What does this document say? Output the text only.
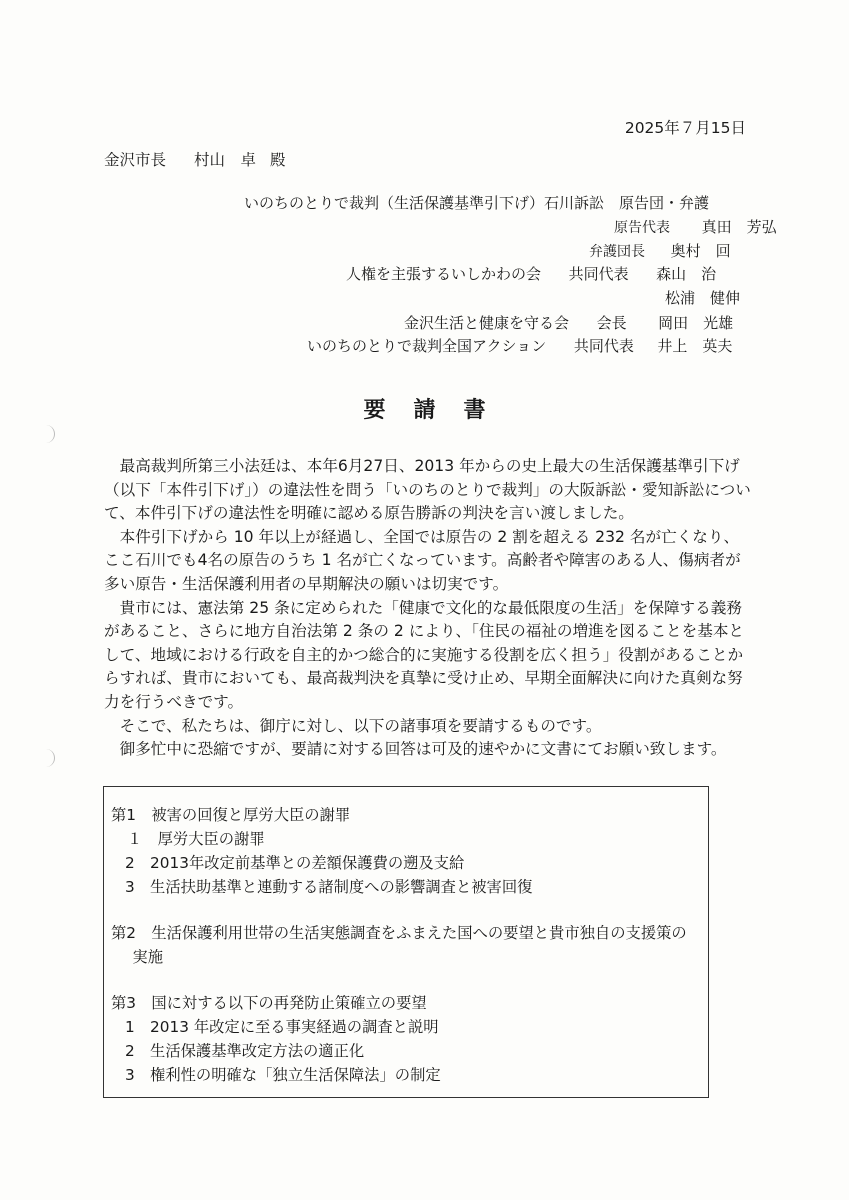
2025年７月15日
金沢市長 村山　卓 殿
いのちのとりで裁判（生活保護基準引下げ）石川訴訟　原告団・弁護
原告代表 真田　芳弘
弁護団長 奥村　回
人権を主張するいしかわの会 共同代表 森山　治
松浦　健伸
金沢生活と健康を守る会 会長 岡田　光雄
いのちのとりで裁判全国アクション 共同代表 井上　英夫
要請書

最高裁判所第三小法廷は、本年6月27日、2013 年からの史上最大の生活保護基準引下げ（以下「本件引下げ」）の違法性を問う「いのちのとりで裁判」の大阪訴訟・愛知訴訟について、本件引下げの違法性を明確に認める原告勝訴の判決を言い渡しました。

本件引下げから 10 年以上が経過し、全国では原告の 2 割を超える 232 名が亡くなり、ここ石川でも4名の原告のうち 1 名が亡くなっています。高齢者や障害のある人、傷病者が多い原告・生活保護利用者の早期解決の願いは切実です。

貴市には、憲法第 25 条に定められた「健康で文化的な最低限度の生活」を保障する義務があること、さらに地方自治法第 2 条の 2 により、「住民の福祉の増進を図ることを基本として、地域における行政を自主的かつ総合的に実施する役割を広く担う」役割があることからすれば、貴市においても、最高裁判決を真摯に受け止め、早期全面解決に向けた真剣な努力を行うべきです。

そこで、私たちは、御庁に対し、以下の諸事項を要請するものです。

御多忙中に恐縮ですが、要請に対する回答は可及的速やかに文書にてお願い致します。

第1　被害の回復と厚労大臣の謝罪

１　厚労大臣の謝罪

2　2013年改定前基準との差額保護費の遡及支給

3　生活扶助基準と連動する諸制度への影響調査と被害回復

第2　生活保護利用世帯の生活実態調査をふまえた国への要望と貴市独自の支援策の実施

第3　国に対する以下の再発防止策確立の要望

1　2013 年改定に至る事実経過の調査と説明

2　生活保護基準改定方法の適正化

3　権利性の明確な「独立生活保障法」の制定
